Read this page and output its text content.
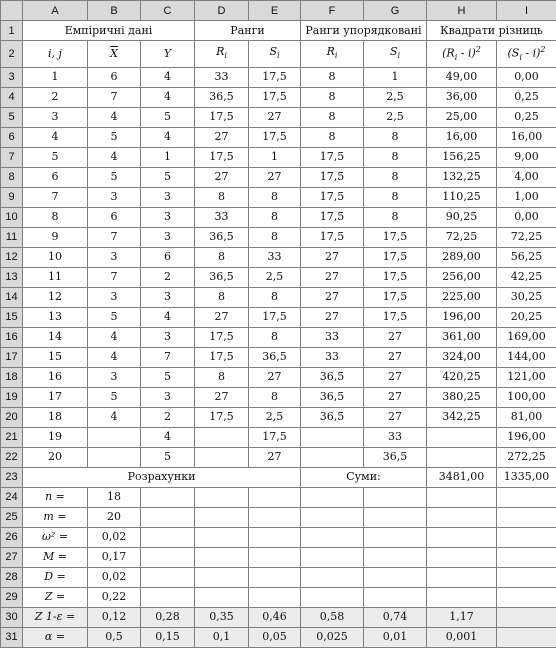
	A	B	C	D	E	F	G	H	I
1	Емпіричні дані			Ранги		Ранги упорядковані		Квадрати різниць	
2	i, j	$\overline{X}$	Y	$R_i$	$S_i$	$R_i$	$S_i$	$(R_i - i)^2$	$(S_i - i)^2$
3	1	6	4	33	17,5	8	1	49,00	0,00
4	2	7	4	36,5	17,5	8	2,5	36,00	0,25
5	3	4	5	17,5	27	8	2,5	25,00	0,25
6	4	5	4	27	17,5	8	8	16,00	16,00
7	5	4	1	17,5	1	17,5	8	156,25	9,00
8	6	5	5	27	27	17,5	8	132,25	4,00
9	7	3	3	8	8	17,5	8	110,25	1,00
10	8	6	3	33	8	17,5	8	90,25	0,00
11	9	7	3	36,5	8	17,5	17,5	72,25	72,25
12	10	3	6	8	33	27	17,5	289,00	56,25
13	11	7	2	36,5	2,5	27	17,5	256,00	42,25
14	12	3	3	8	8	27	17,5	225,00	30,25
15	13	5	4	27	17,5	27	17,5	196,00	20,25
16	14	4	3	17,5	8	33	27	361,00	169,00
17	15	4	7	17,5	36,5	33	27	324,00	144,00
18	16	3	5	8	27	36,5	27	420,25	121,00
19	17	5	3	27	8	36,5	27	380,25	100,00
20	18	4	2	17,5	2,5	36,5	27	342,25	81,00
21	19		4		17,5		33		196,00
22	20		5		27		36,5		272,25
23	Розрахунки					Суми:		3481,00	1335,00
24	n =	18							
25	m =	20							
26	ω² =	0,02							
27	M =	0,17							
28	D =	0,02							
29	Z =	0,22							
30	Z 1-ε =	0,12	0,28	0,35	0,46	0,58	0,74	1,17	
31	α =	0,5	0,15	0,1	0,05	0,025	0,01	0,001	
